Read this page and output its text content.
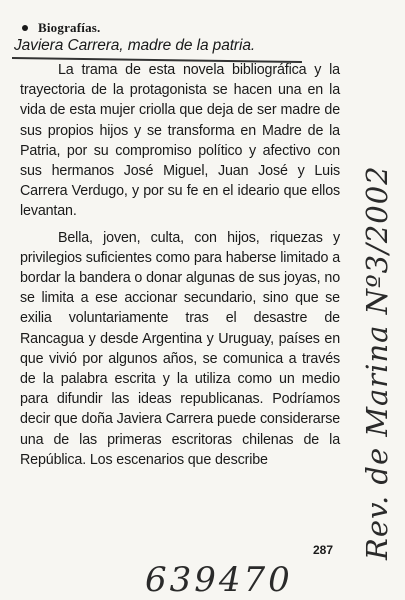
Biografías.
Javiera Carrera, madre de la patria.

La trama de esta novela bibliográfica y la trayectoria de la protagonista se hacen una en la vida de esta mujer criolla que deja de ser madre de sus propios hijos y se transforma en Madre de la Patria, por su compromiso político y afectivo con sus hermanos José Miguel, Juan José y Luis Carrera Verdugo, y por su fe en el ideario que ellos levantan.

Bella, joven, culta, con hijos, riquezas y privilegios suficientes como para haberse limitado a bordar la bandera o donar algunas de sus joyas, no se limita a ese accionar secundario, sino que se exilia voluntariamente tras el desastre de Rancagua y desde Argentina y Uruguay, países en que vivió por algunos años, se comunica a través de la palabra escrita y la utiliza como un medio para difundir las ideas republicanas. Podríamos decir que doña Javiera Carrera puede considerarse una de las primeras escritoras chilenas de la República. Los escenarios que describe

287 Rev. de Marina Nº3/2002
639470
